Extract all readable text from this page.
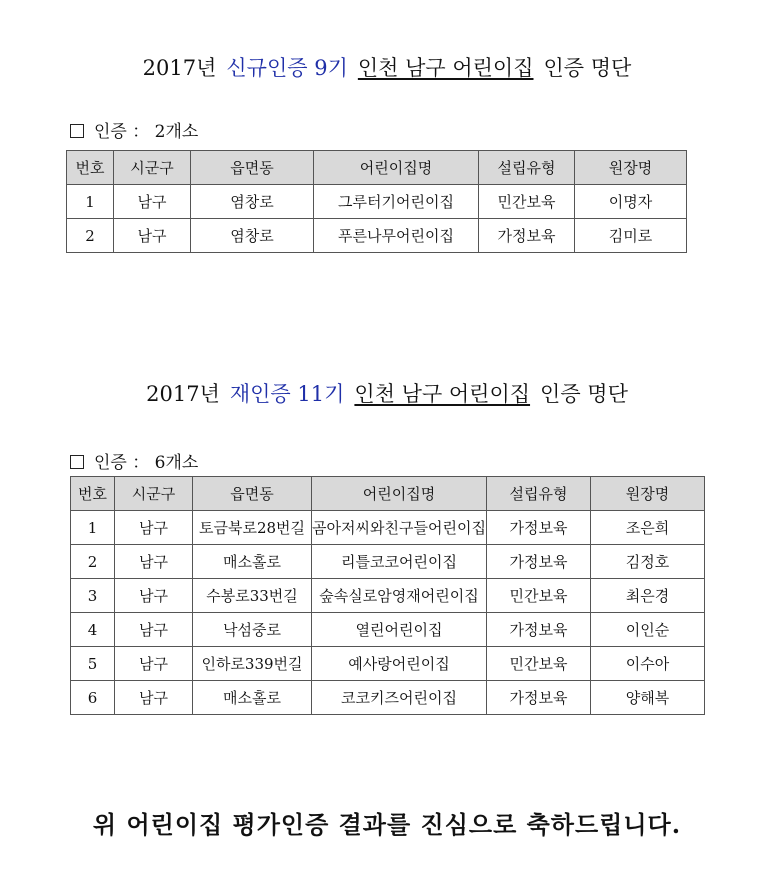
2017년 신규인증 9기 인천 남구 어린이집 인증 명단
인증 ： 2개소
번호	시군구	읍면동	어린이집명	설립유형	원장명
1	남구	염창로	그루터기어린이집	민간보육	이명자
2	남구	염창로	푸른나무어린이집	가정보육	김미로
2017년 재인증 11기 인천 남구 어린이집 인증 명단
인증 ： 6개소
번호	시군구	읍면동	어린이집명	설립유형	원장명
1	남구	토금북로28번길	곰아저씨와친구들어린이집	가정보육	조은희
2	남구	매소홀로	리틀코코어린이집	가정보육	김정호
3	남구	수봉로33번길	숲속실로암영재어린이집	민간보육	최은경
4	남구	낙섬중로	열린어린이집	가정보육	이인순
5	남구	인하로339번길	예사랑어린이집	민간보육	이수아
6	남구	매소홀로	코코키즈어린이집	가정보육	양해복
위 어린이집 평가인증 결과를 진심으로 축하드립니다.
